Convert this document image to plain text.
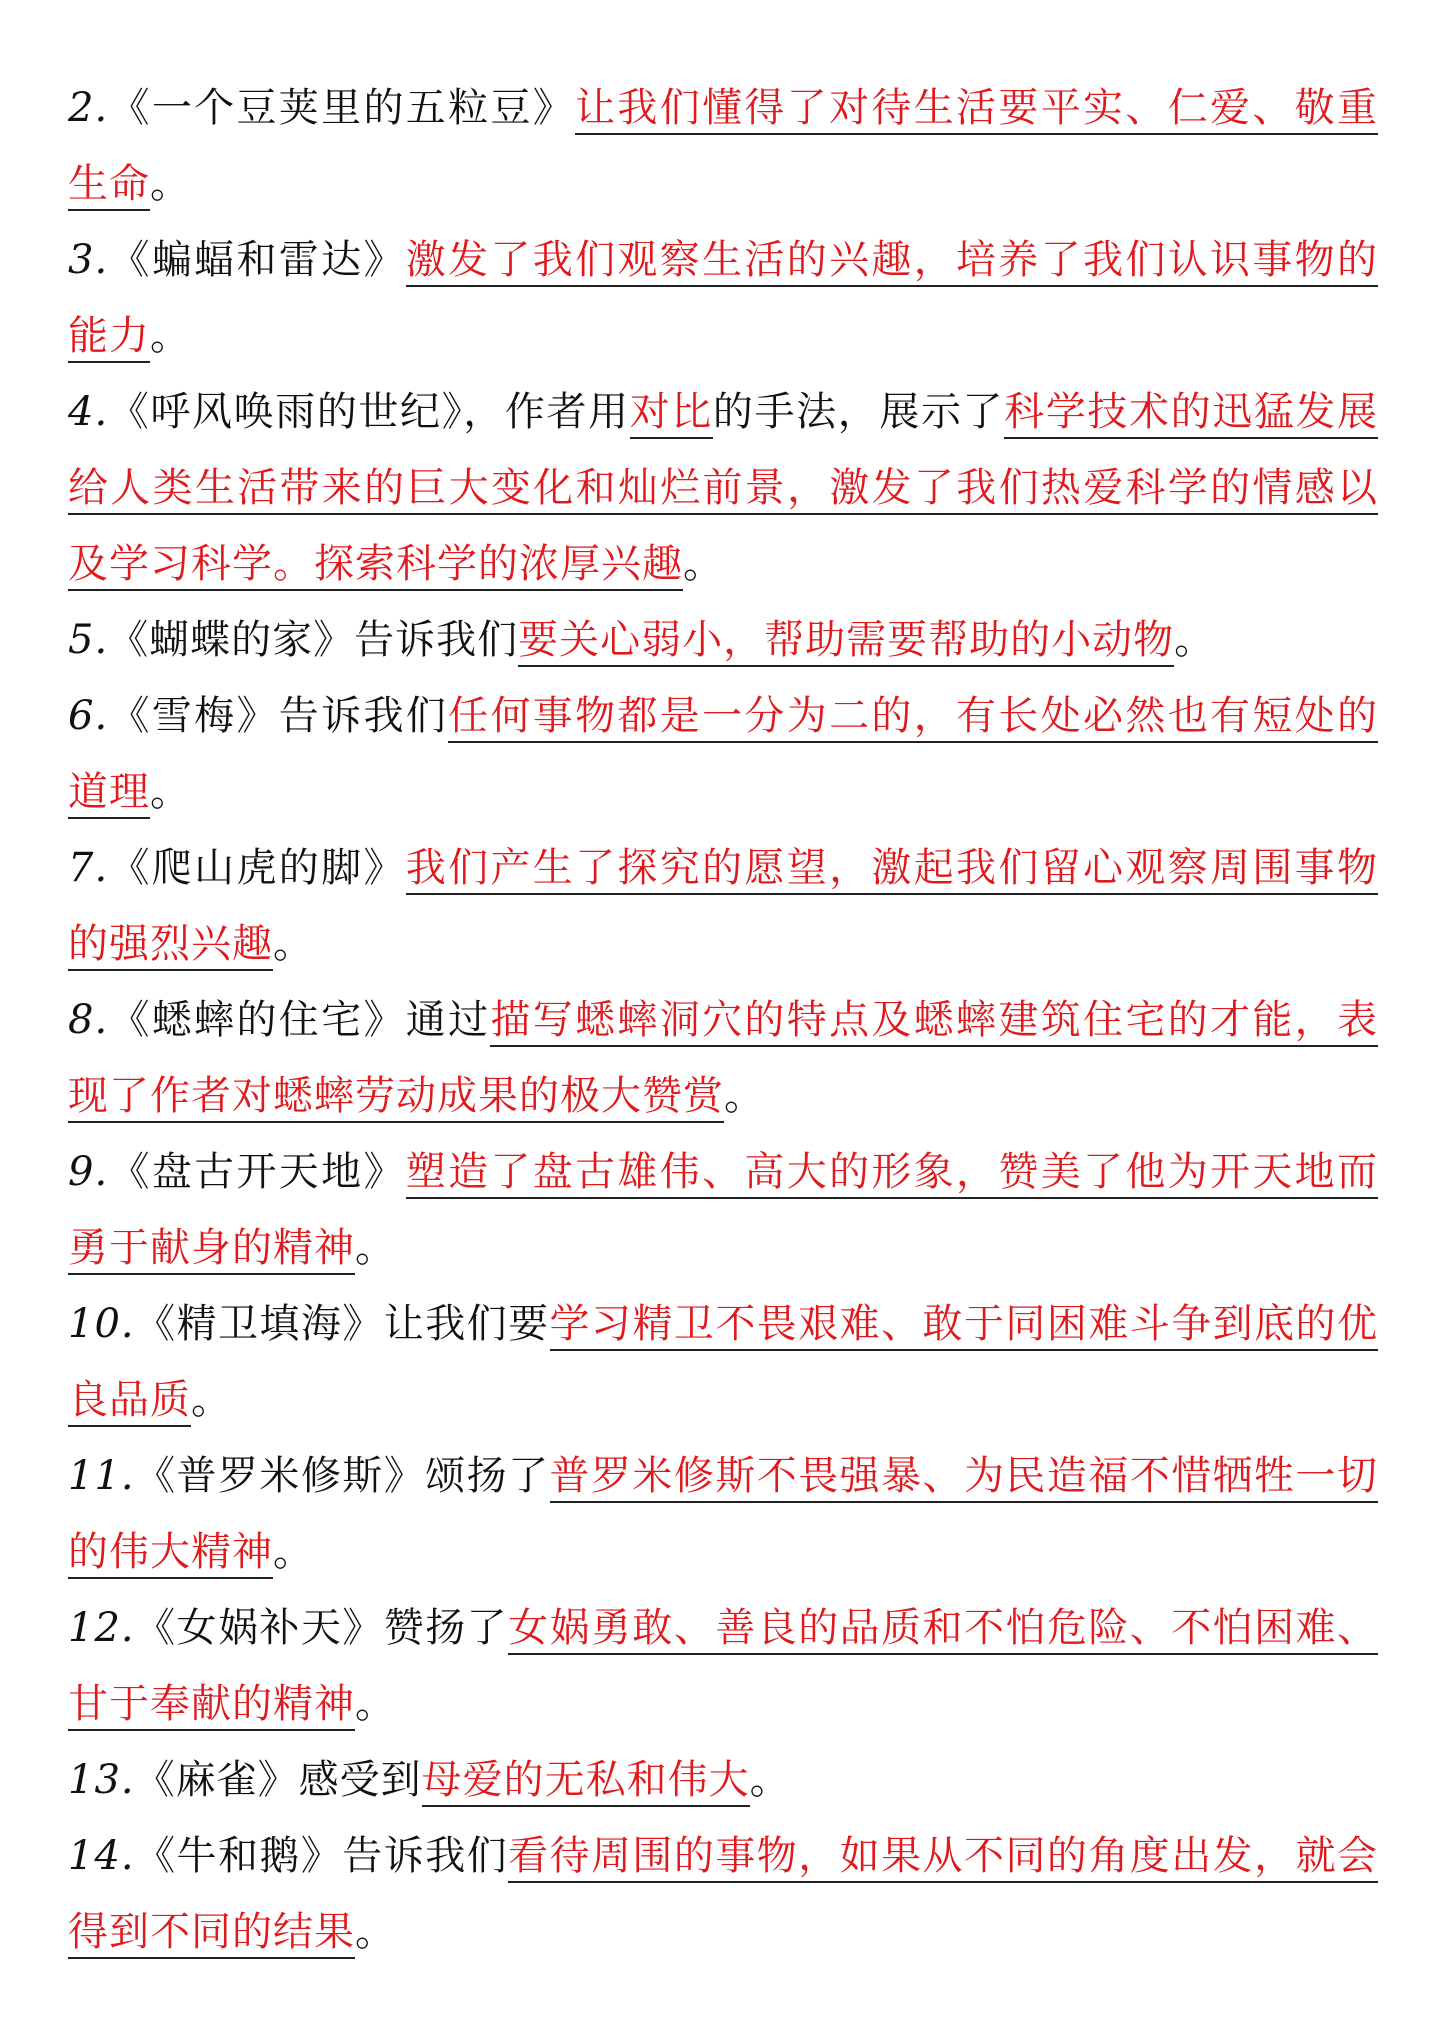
2.《一个豆荚里的五粒豆》让我们懂得了对待生活要平实、仁爱、敬重生命。

3.《蝙蝠和雷达》激发了我们观察生活的兴趣，培养了我们认识事物的能力。

4.《呼风唤雨的世纪》，作者用对比的手法，展示了科学技术的迅猛发展给人类生活带来的巨大变化和灿烂前景，激发了我们热爱科学的情感以及学习科学。探索科学的浓厚兴趣。

5.《蝴蝶的家》告诉我们要关心弱小，帮助需要帮助的小动物。

6.《雪梅》告诉我们任何事物都是一分为二的，有长处必然也有短处的道理。

7.《爬山虎的脚》我们产生了探究的愿望，激起我们留心观察周围事物的强烈兴趣。

8.《蟋蟀的住宅》通过描写蟋蟀洞穴的特点及蟋蟀建筑住宅的才能，表现了作者对蟋蟀劳动成果的极大赞赏。

9.《盘古开天地》塑造了盘古雄伟、高大的形象，赞美了他为开天地而勇于献身的精神。

10.《精卫填海》让我们要学习精卫不畏艰难、敢于同困难斗争到底的优良品质。

11.《普罗米修斯》颂扬了普罗米修斯不畏强暴、为民造福不惜牺牲一切的伟大精神。

12.《女娲补天》赞扬了女娲勇敢、善良的品质和不怕危险、不怕困难、甘于奉献的精神。

13.《麻雀》感受到母爱的无私和伟大。

14.《牛和鹅》告诉我们看待周围的事物，如果从不同的角度出发，就会得到不同的结果。
